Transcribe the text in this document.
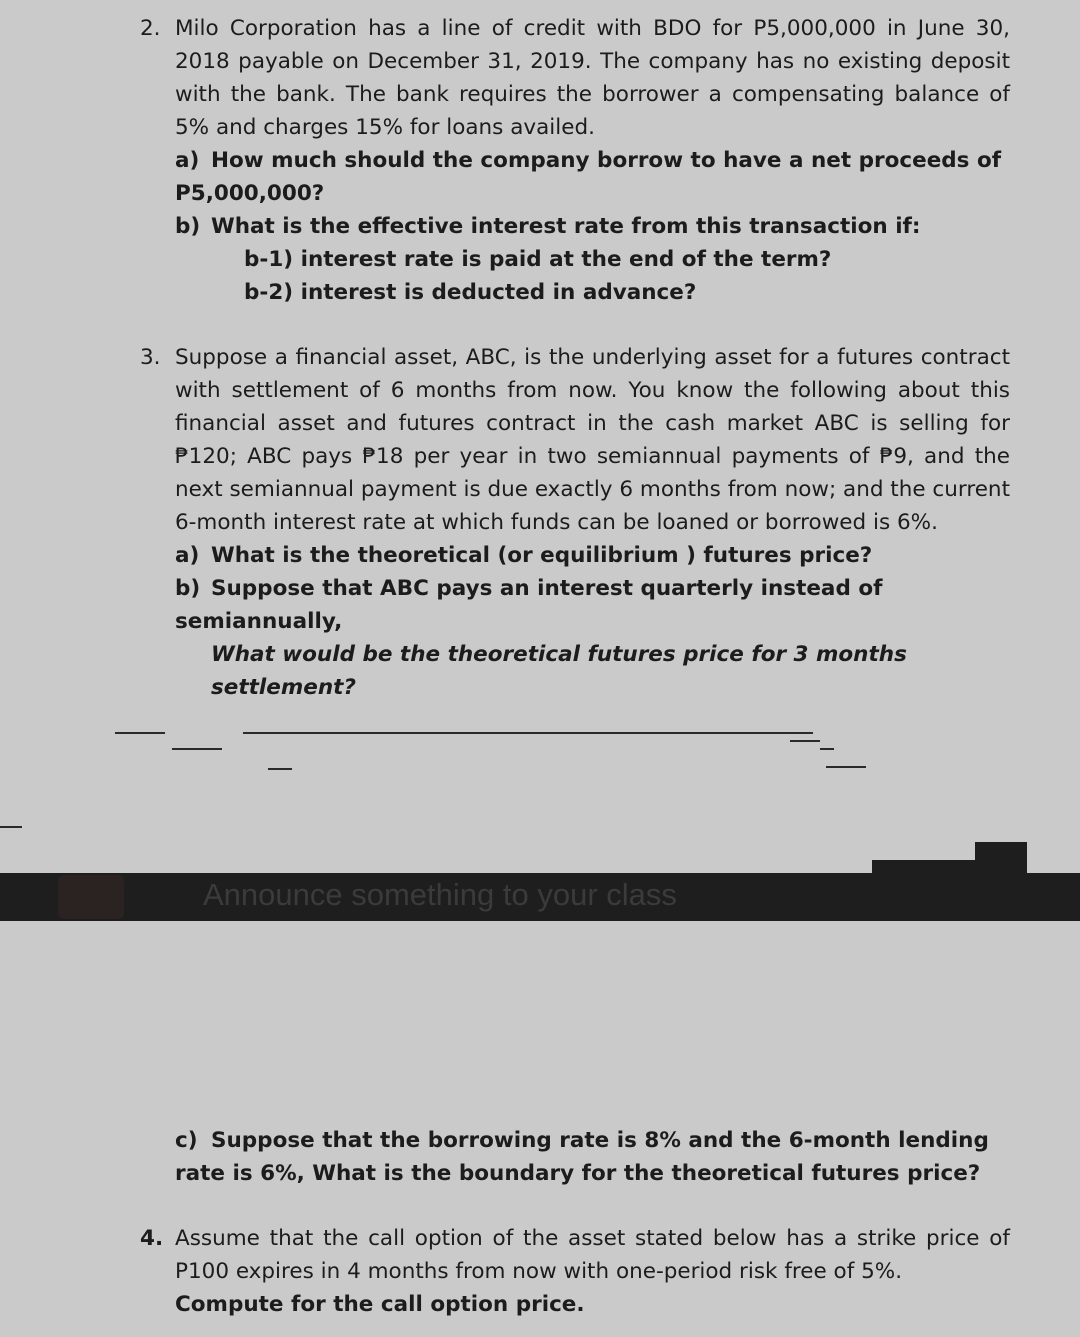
2. Milo Corporation has a line of credit with BDO for P5,000,000 in June 30, 2018 payable on December 31, 2019. The company has no existing deposit with the bank. The bank requires the borrower a compensating balance of 5% and charges 15% for loans availed.
a) How much should the company borrow to have a net proceeds of P5,000,000?
b) What is the effective interest rate from this transaction if:
b-1) interest rate is paid at the end of the term?
b-2) interest is deducted in advance?
3. Suppose a financial asset, ABC, is the underlying asset for a futures contract with settlement of 6 months from now. You know the following about this financial asset and futures contract in the cash market ABC is selling for ₱120; ABC pays ₱18 per year in two semiannual payments of ₱9, and the next semiannual payment is due exactly 6 months from now; and the current 6-month interest rate at which funds can be loaned or borrowed is 6%.
a) What is the theoretical (or equilibrium ) futures price?
b) Suppose that ABC pays an interest quarterly instead of semiannually,
What would be the theoretical futures price for 3 months settlement?
Announce something to your class
c) Suppose that the borrowing rate is 8% and the 6-month lending rate is 6%, What is the boundary for the theoretical futures price?
4. Assume that the call option of the asset stated below has a strike price of P100 expires in 4 months from now with one-period risk free of 5%.
Compute for the call option price.
